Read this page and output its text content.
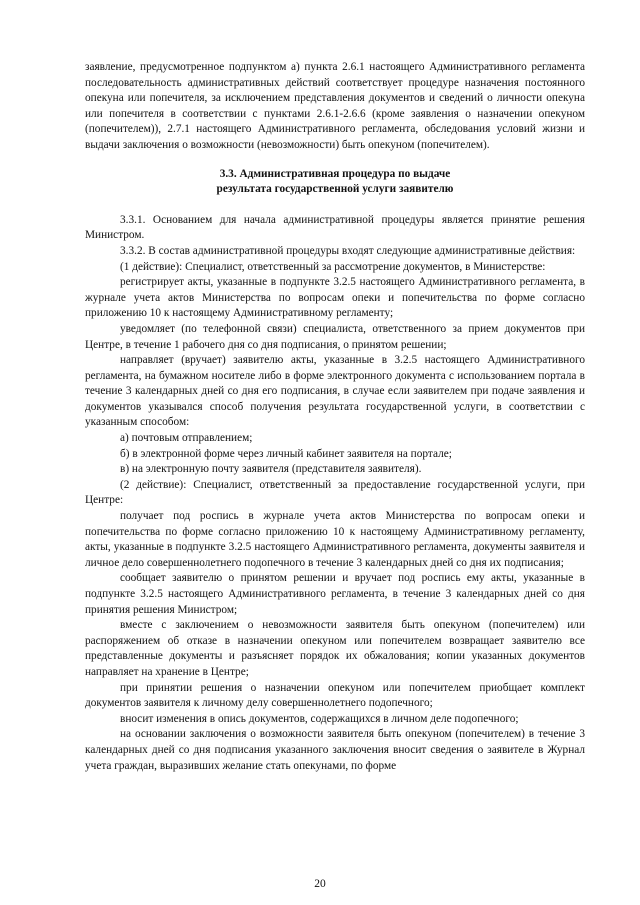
заявление, предусмотренное подпунктом а) пункта 2.6.1 настоящего Административного регламента последовательность административных действий соответствует процедуре назначения постоянного опекуна или попечителя, за исключением представления документов и сведений о личности опекуна или попечителя в соответствии с пунктами 2.6.1-2.6.6 (кроме заявления о назначении опекуном (попечителем)), 2.7.1 настоящего Административного регламента, обследования условий жизни и выдачи заключения о возможности (невозможности) быть опекуном (попечителем).

3.3. Административная процедура по выдаче
результата государственной услуги заявителю

3.3.1. Основанием для начала административной процедуры является принятие решения Министром.

3.3.2. В состав административной процедуры входят следующие административные действия:

(1 действие): Специалист, ответственный за рассмотрение документов, в Министерстве:

регистрирует акты, указанные в подпункте 3.2.5 настоящего Административного регламента, в журнале учета актов Министерства по вопросам опеки и попечительства по форме согласно приложению 10 к настоящему Административному регламенту;

уведомляет (по телефонной связи) специалиста, ответственного за прием документов при Центре, в течение 1 рабочего дня со дня подписания, о принятом решении;

направляет (вручает) заявителю акты, указанные в 3.2.5 настоящего Административного регламента, на бумажном носителе либо в форме электронного документа с использованием портала в течение 3 календарных дней со дня его подписания, в случае если заявителем при подаче заявления и документов указывался способ получения результата государственной услуги, в соответствии с указанным способом:

а) почтовым отправлением;

б) в электронной форме через личный кабинет заявителя на портале;

в) на электронную почту заявителя (представителя заявителя).

(2 действие): Специалист, ответственный за предоставление государственной услуги, при Центре:

получает под роспись в журнале учета актов Министерства по вопросам опеки и попечительства по форме согласно приложению 10 к настоящему Административному регламенту, акты, указанные в подпункте 3.2.5 настоящего Административного регламента, документы заявителя и личное дело совершеннолетнего подопечного в течение 3 календарных дней со дня их подписания;

сообщает заявителю о принятом решении и вручает под роспись ему акты, указанные в подпункте 3.2.5 настоящего Административного регламента, в течение 3 календарных дней со дня принятия решения Министром;

вместе с заключением о невозможности заявителя быть опекуном (попечителем) или распоряжением об отказе в назначении опекуном или попечителем возвращает заявителю все представленные документы и разъясняет порядок их обжалования; копии указанных документов направляет на хранение в Центре;

при принятии решения о назначении опекуном или попечителем приобщает комплект документов заявителя к личному делу совершеннолетнего подопечного;

вносит изменения в опись документов, содержащихся в личном деле подопечного;

на основании заключения о возможности заявителя быть опекуном (попечителем) в течение 3 календарных дней со дня подписания указанного заключения вносит сведения о заявителе в Журнал учета граждан, выразивших желание стать опекунами, по форме

20
